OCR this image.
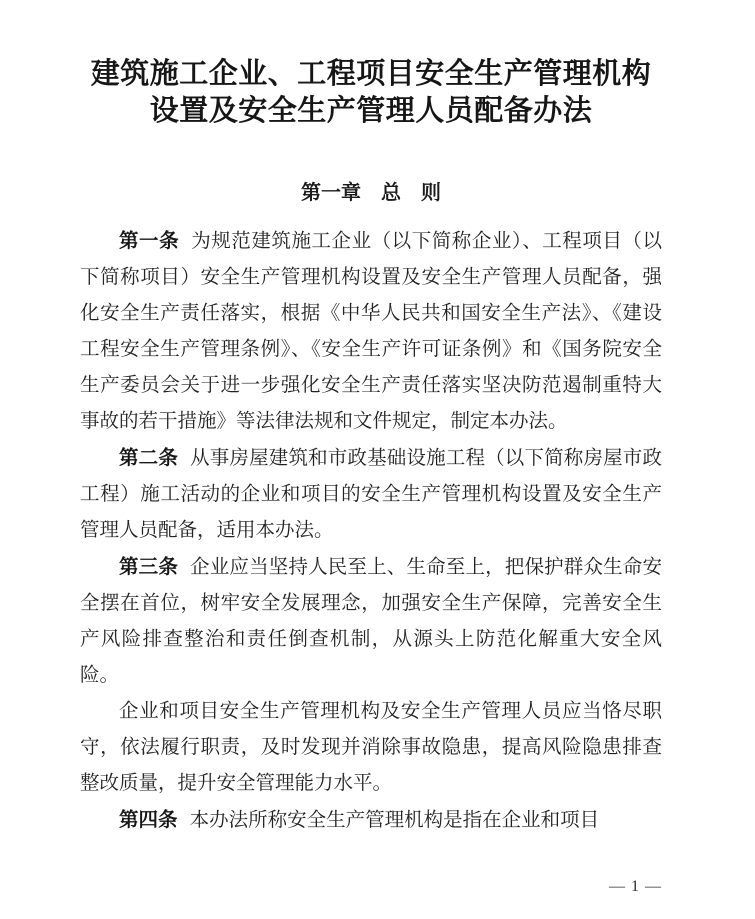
建筑施工企业、工程项目安全生产管理机构
设置及安全生产管理人员配备办法
第一章　总　则

第一条 为规范建筑施工企业（以下简称企业）、工程项目（以下简称项目）安全生产管理机构设置及安全生产管理人员配备，强化安全生产责任落实，根据《中华人民共和国安全生产法》、《建设工程安全生产管理条例》、《安全生产许可证条例》和《国务院安全生产委员会关于进一步强化安全生产责任落实坚决防范遏制重特大事故的若干措施》等法律法规和文件规定，制定本办法。

第二条 从事房屋建筑和市政基础设施工程（以下简称房屋市政工程）施工活动的企业和项目的安全生产管理机构设置及安全生产管理人员配备，适用本办法。

第三条 企业应当坚持人民至上、生命至上，把保护群众生命安全摆在首位，树牢安全发展理念，加强安全生产保障，完善安全生产风险排查整治和责任倒查机制，从源头上防范化解重大安全风险。

企业和项目安全生产管理机构及安全生产管理人员应当恪尽职守，依法履行职责，及时发现并消除事故隐患，提高风险隐患排查整改质量，提升安全管理能力水平。

第四条 本办法所称安全生产管理机构是指在企业和项目

— 1 —
